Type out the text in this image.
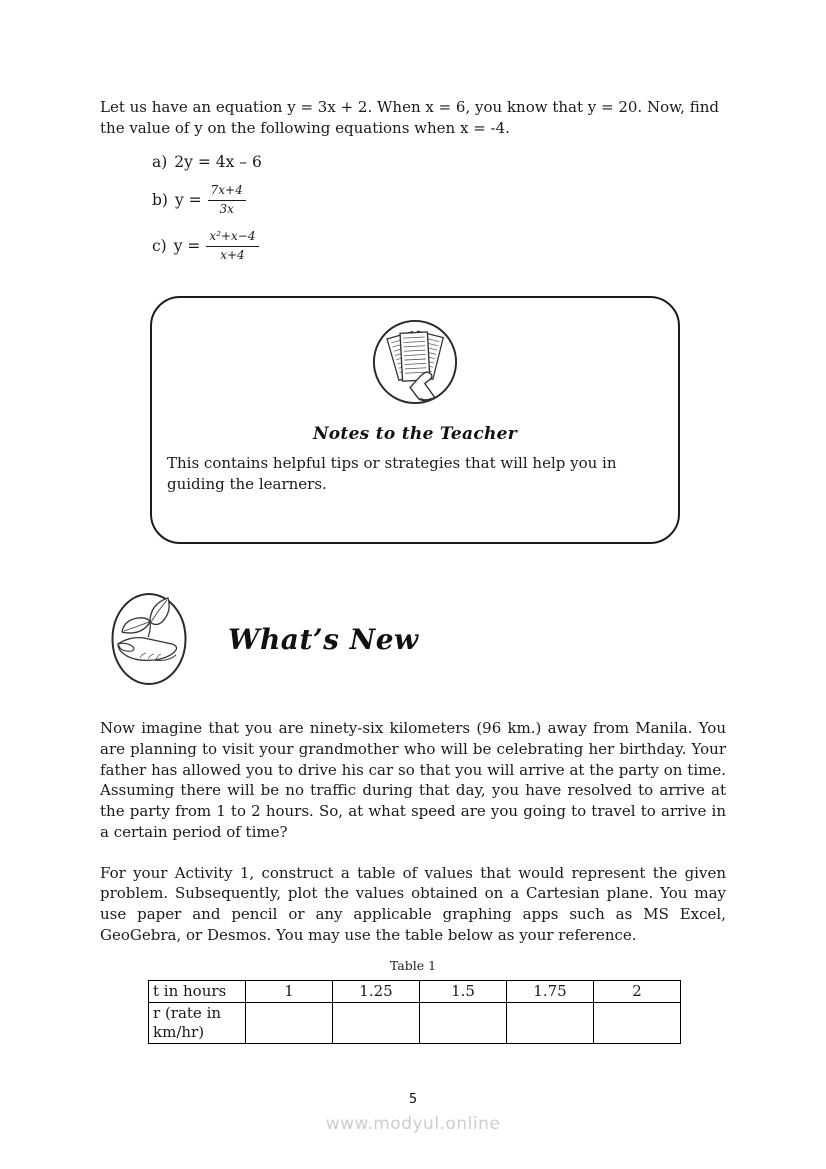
Let us have an equation y = 3x + 2. When x = 6, you know that y = 20. Now, find the value of y on the following equations when x = -4.

a) 2y = 4x – 6
b) $y = \frac{7x+4}{3x}$
c) $y = \frac{\text{x²+x−4}}{x+4}$
Notes to the Teacher

This contains helpful tips or strategies that will help you in guiding the learners.

What’s New

Now imagine that you are ninety-six kilometers (96 km.) away from Manila. You are planning to visit your grandmother who will be celebrating her birthday. Your father has allowed you to drive his car so that you will arrive at the party on time. Assuming there will be no traffic during that day, you have resolved to arrive at the party from 1 to 2 hours. So, at what speed are you going to travel to arrive in a certain period of time?

For your Activity 1, construct a table of values that would represent the given problem. Subsequently, plot the values obtained on a Cartesian plane. You may use paper and pencil or any applicable graphing apps such as MS Excel, GeoGebra, or Desmos. You may use the table below as your reference.

Table 1
t in hours	1	1.25	1.5	1.75	2
r (rate in km/hr)					
5
www.modyul.online
